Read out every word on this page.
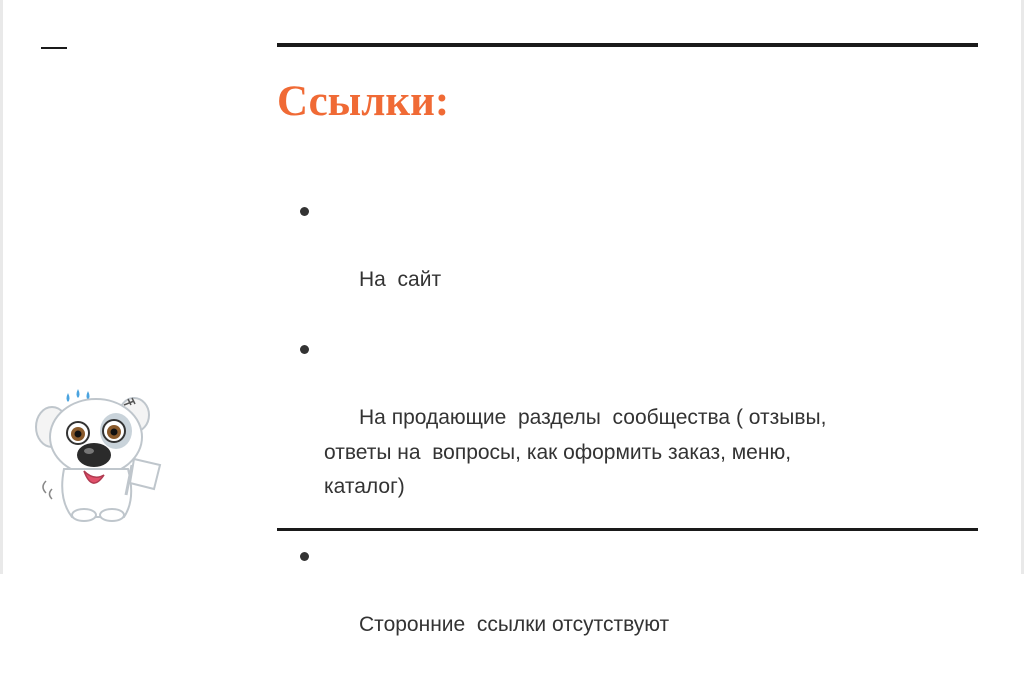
Ссылки:

На  сайт

На продающие  разделы  сообщества ( отзывы,
ответы на  вопросы, как оформить заказ, меню,
каталог)

Сторонние  ссылки отсутствуют
